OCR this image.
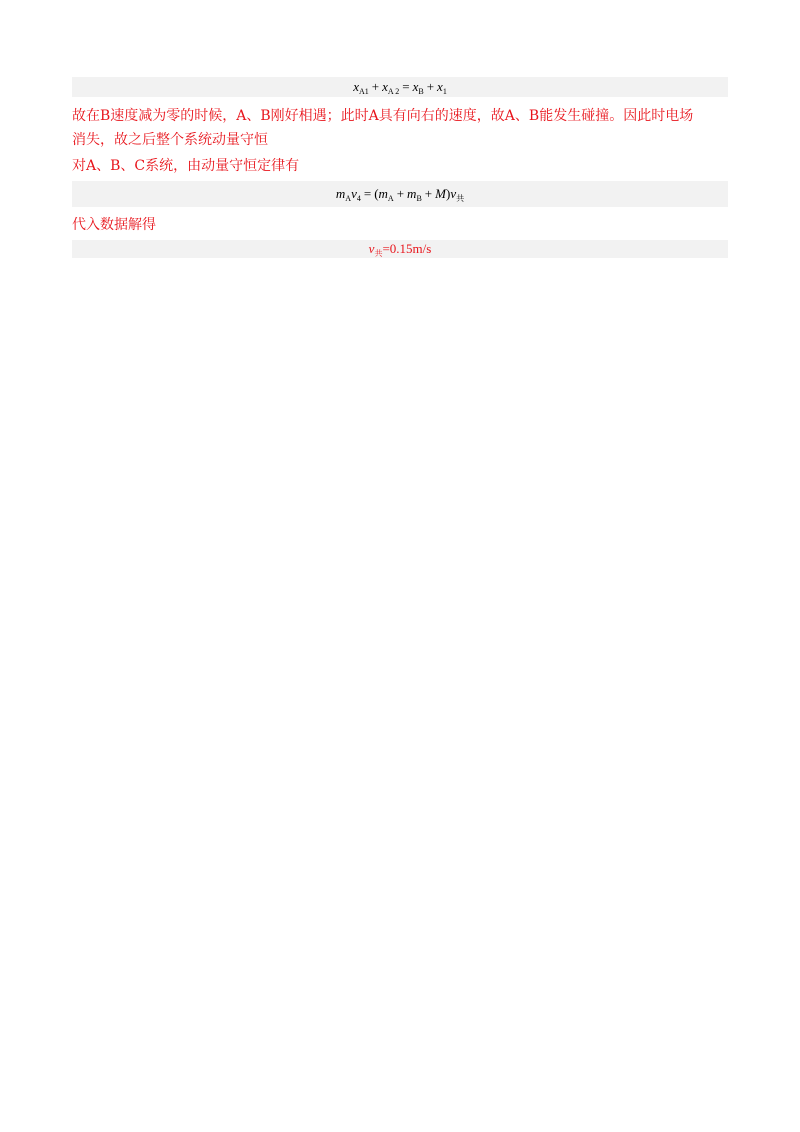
$x_{A1} + x_{A 2} = x_B + x_1$
故在B速度减为零的时候，A、B刚好相遇；此时A具有向右的速度，故A、B能发生碰撞。因此时电场
消失，故之后整个系统动量守恒
对A、B、C系统，由动量守恒定律有
$m_Av_4 = (m_A + m_B + M)v_共$
代入数据解得
$v_共=0.15m/s$
